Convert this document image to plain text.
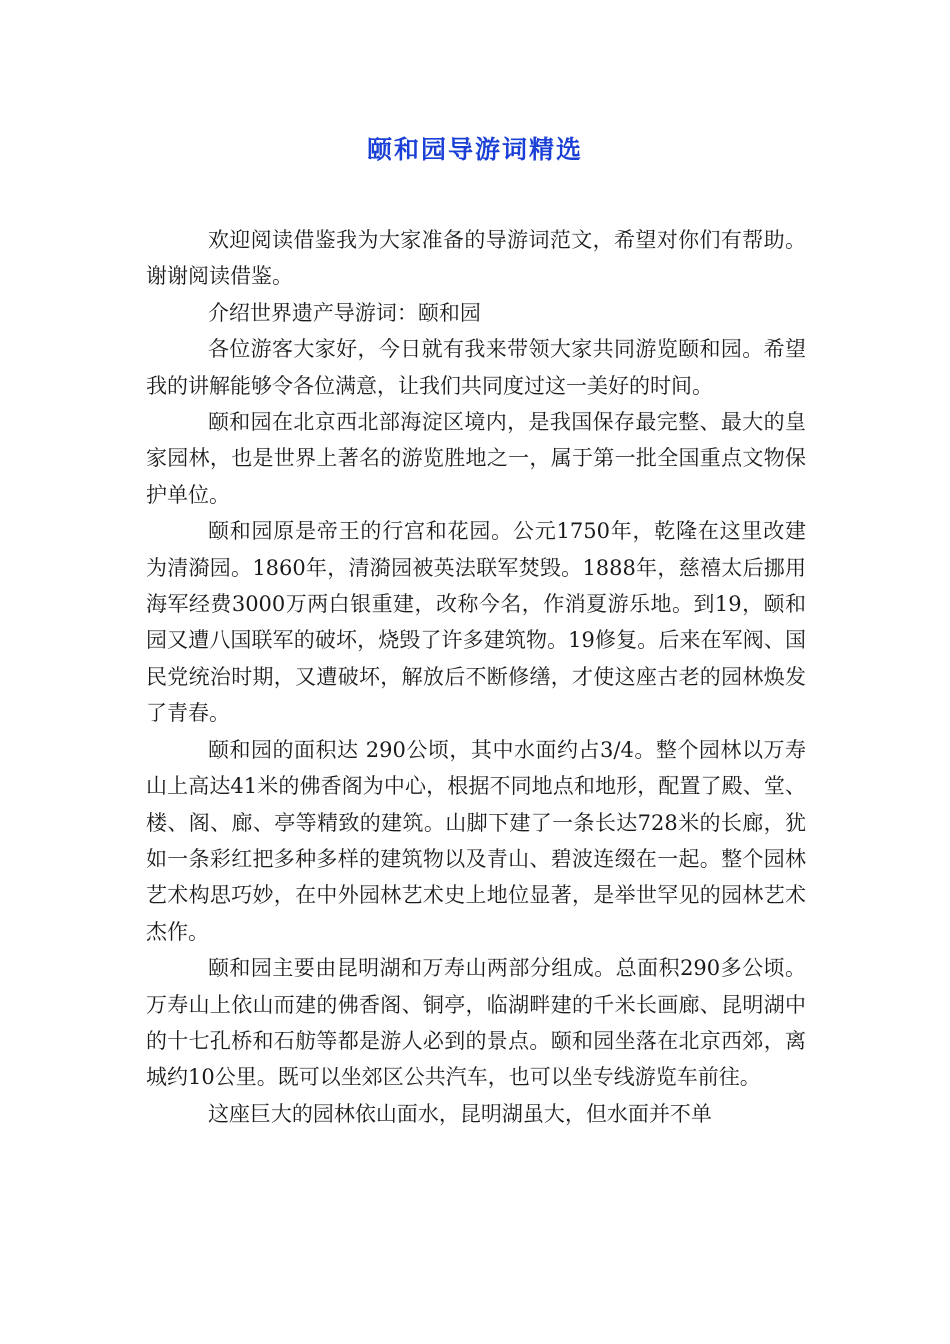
颐和园导游词精选

欢迎阅读借鉴我为大家准备的导游词范文，希望对你们有帮助。谢谢阅读借鉴。

介绍世界遗产导游词：颐和园

各位游客大家好，今日就有我来带领大家共同游览颐和园。希望我的讲解能够令各位满意，让我们共同度过这一美好的时间。

颐和园在北京西北部海淀区境内，是我国保存最完整、最大的皇家园林，也是世界上著名的游览胜地之一，属于第一批全国重点文物保护单位。

颐和园原是帝王的行宫和花园。公元1750年，乾隆在这里改建为清漪园。1860年，清漪园被英法联军焚毁。1888年，慈禧太后挪用海军经费3000万两白银重建，改称今名，作消夏游乐地。到19，颐和园又遭八国联军的破坏，烧毁了许多建筑物。19修复。后来在军阀、国民党统治时期，又遭破坏，解放后不断修缮，才使这座古老的园林焕发了青春。

颐和园的面积达 290公顷，其中水面约占3/4。整个园林以万寿山上高达41米的佛香阁为中心，根据不同地点和地形，配置了殿、堂、楼、阁、廊、亭等精致的建筑。山脚下建了一条长达728米的长廊，犹如一条彩红把多种多样的建筑物以及青山、碧波连缀在一起。整个园林艺术构思巧妙，在中外园林艺术史上地位显著，是举世罕见的园林艺术杰作。

颐和园主要由昆明湖和万寿山两部分组成。总面积290多公顷。万寿山上依山而建的佛香阁、铜亭，临湖畔建的千米长画廊、昆明湖中的十七孔桥和石舫等都是游人必到的景点。颐和园坐落在北京西郊，离城约10公里。既可以坐郊区公共汽车，也可以坐专线游览车前往。

这座巨大的园林依山面水，昆明湖虽大，但水面并不单
